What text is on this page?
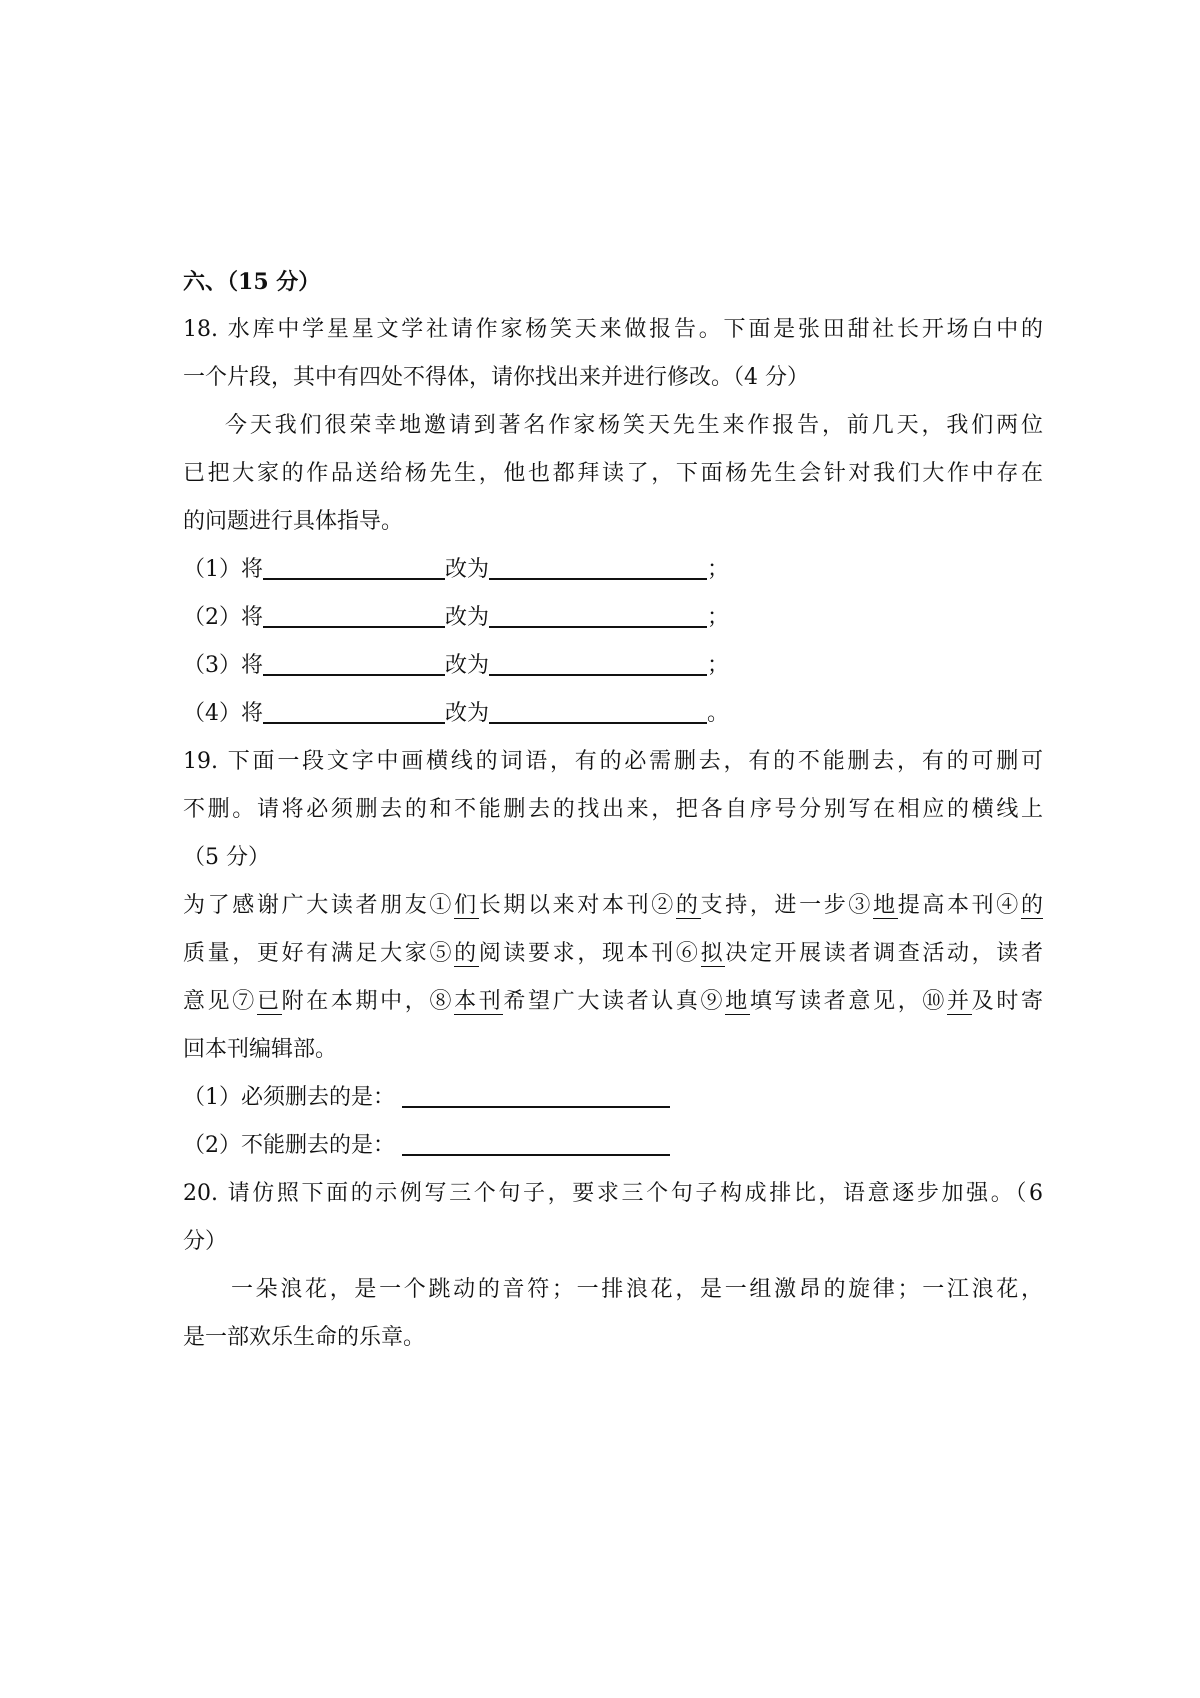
六、（15 分）
18. 水库中学星星文学社请作家杨笑天来做报告。下面是张田甜社长开场白中的
一个片段，其中有四处不得体，请你找出来并进行修改。（4 分）
今天我们很荣幸地邀请到著名作家杨笑天先生来作报告，前几天，我们两位
已把大家的作品送给杨先生，他也都拜读了，下面杨先生会针对我们大作中存在
的问题进行具体指导。
（1）将	改为	；
（2）将	改为	；
（3）将	改为	；
（4）将	改为	。
19. 下面一段文字中画横线的词语，有的必需删去，有的不能删去，有的可删可
不删。请将必须删去的和不能删去的找出来，把各自序号分别写在相应的横线上
（5 分）
为了感谢广大读者朋友①们长期以来对本刊②的支持，进一步③地提高本刊④的
质量，更好有满足大家⑤的阅读要求，现本刊⑥拟决定开展读者调查活动，读者
意见⑦已附在本期中，⑧本刊希望广大读者认真⑨地填写读者意见，⑩并及时寄
回本刊编辑部。
（1）必须删去的是：
（2）不能删去的是：
20. 请仿照下面的示例写三个句子，要求三个句子构成排比，语意逐步加强。（6
分）
一朵浪花，是一个跳动的音符；一排浪花，是一组激昂的旋律；一江浪花，
是一部欢乐生命的乐章。
